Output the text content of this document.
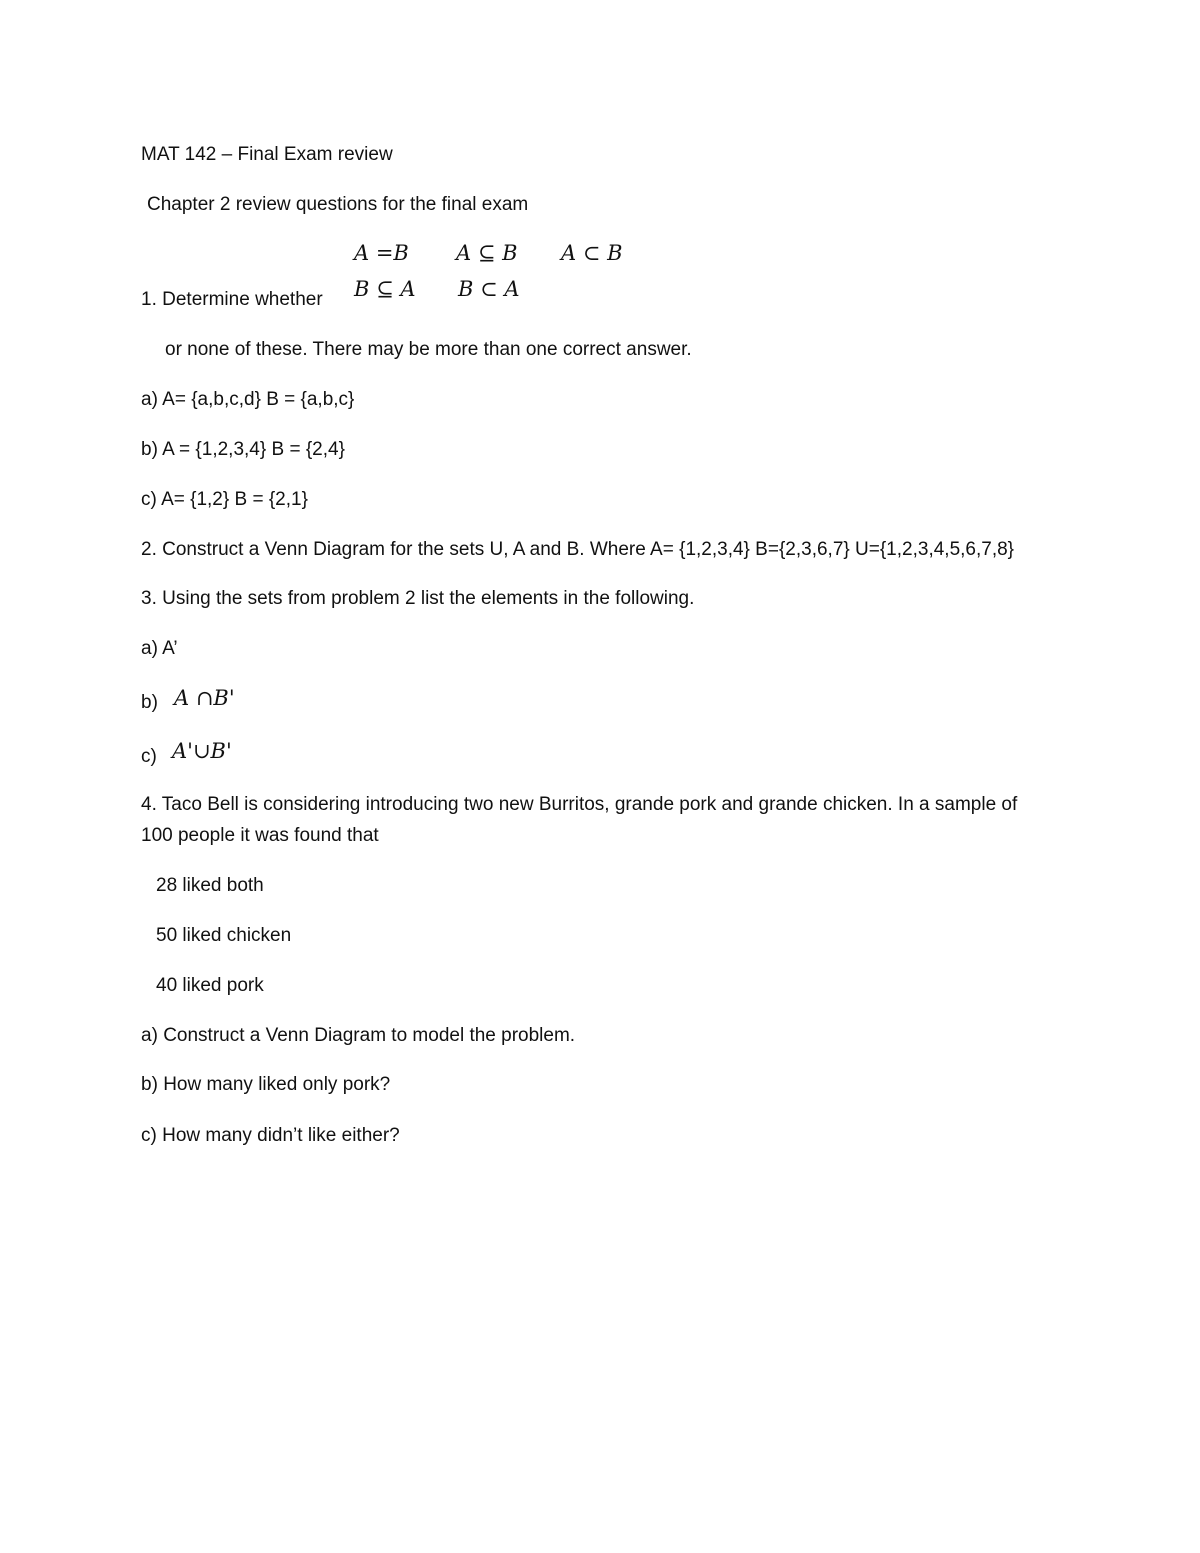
MAT 142 – Final Exam review
Chapter 2 review questions for the final exam
A =B A ⊆ B A ⊂ B
B ⊆ A B ⊂ A
1. Determine whether
or none of these. There may be more than one correct answer.
a) A= {a,b,c,d} B = {a,b,c}
b) A = {1,2,3,4} B = {2,4}
c) A= {1,2} B = {2,1}
2. Construct a Venn Diagram for the sets U, A and B. Where A= {1,2,3,4} B={2,3,6,7} U={1,2,3,4,5,6,7,8}
3. Using the sets from problem 2 list the elements in the following.
a) A’
b) A ∩B'
c) A'∪B'
4. Taco Bell is considering introducing two new Burritos, grande pork and grande chicken. In a sample of
100 people it was found that
28 liked both
50 liked chicken
40 liked pork
a) Construct a Venn Diagram to model the problem.
b) How many liked only pork?
c) How many didn’t like either?
